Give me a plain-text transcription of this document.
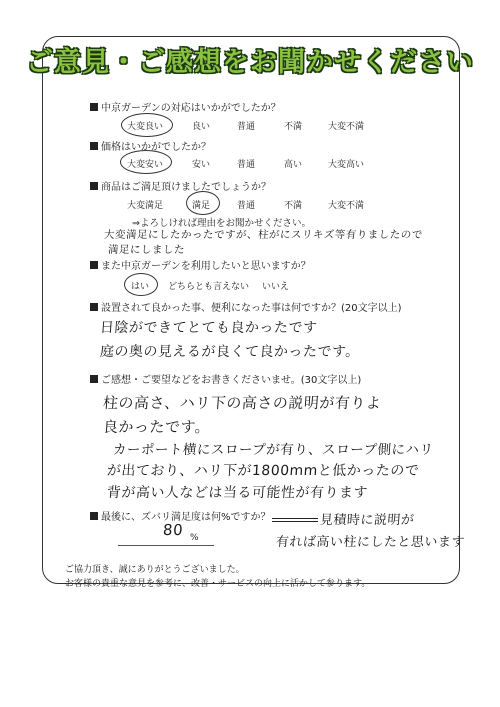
ご意見・ご感想をお聞かせください
中京ガーデンの対応はいかがでしたか？
大変良い	良い	普通	不満	大変不満
価格はいかがでしたか？
大変安い	安い	普通	高い	大変高い
商品はご満足頂けましたでしょうか？
大変満足	満足	普通	不満	大変不満
⇒よろしければ理由をお聞かせください。
大変満足にしたかったですが、柱がにスリキズ等有りましたので
満足にしました
また中京ガーデンを利用したいと思いますか？
はい どちらとも言えない いいえ
設置されて良かった事、便利になった事は何ですか？(20文字以上)
日陰ができてとても良かったです
庭の奥の見えるが良くて良かったです。
ご感想・ご要望などをお書きくださいませ。(30文字以上)
柱の高さ、ハリ下の高さの説明が有りよ
良かったです。
カーポート横にスロープが有り、スロープ側にハリ
が出ており、ハリ下が1800mmと低かったので
背が高い人などは当る可能性が有ります
最後に、ズバリ満足度は何%ですか？
80 %
見積時に説明が
有れば高い柱にしたと思います
ご協力頂き、誠にありがとうございました。
お客様の貴重な意見を参考に、改善・サービスの向上に活かして参ります。
